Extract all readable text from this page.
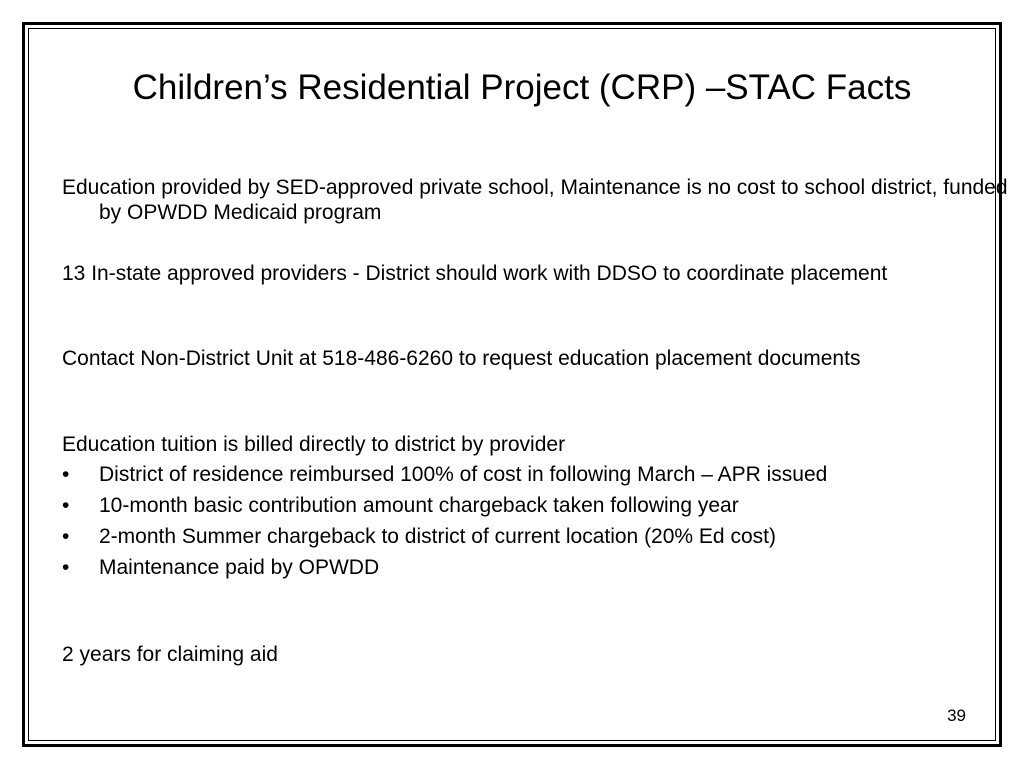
Children’s Residential Project (CRP) –STAC Facts

Education provided by SED-approved private school, Maintenance is no cost to school district, funded by OPWDD Medicaid program

13 In-state approved providers - District should work with DDSO to coordinate placement

Contact Non-District Unit at 518-486-6260 to request education placement documents

Education tuition is billed directly to district by provider

•	District of residence reimbursed 100% of cost in following March – APR issued
•	10-month basic contribution amount chargeback taken following year
•	2-month Summer chargeback to district of current location (20% Ed cost)
•	Maintenance paid by OPWDD

2 years for claiming aid

39
